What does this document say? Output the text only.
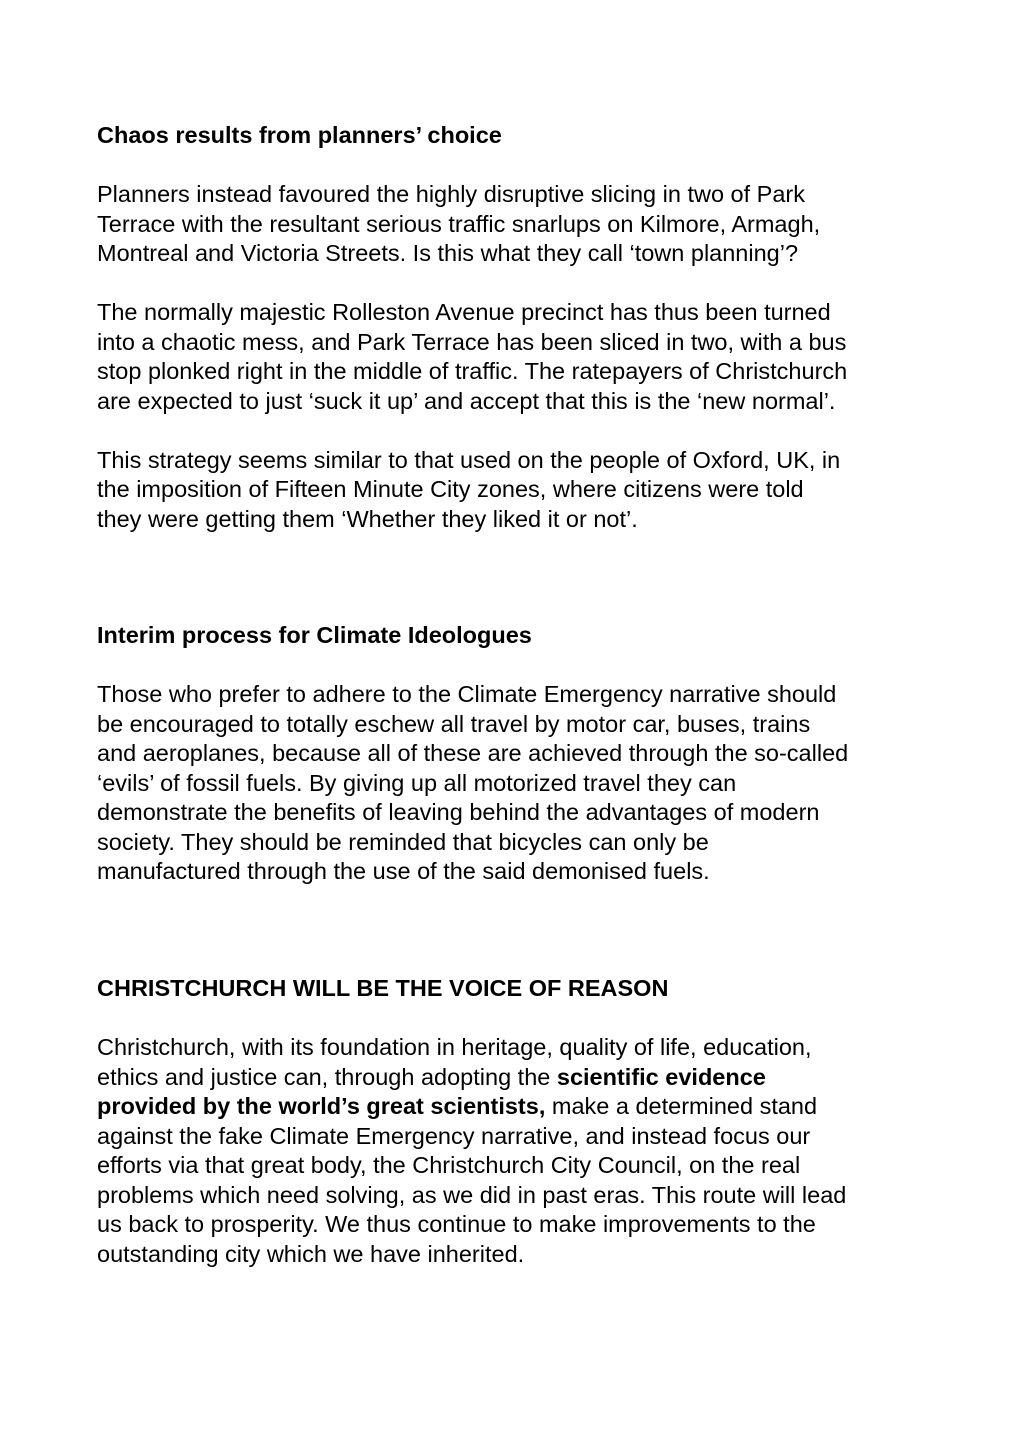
Chaos results from planners’ choice

Planners instead favoured the highly disruptive slicing in two of Park
Terrace with the resultant serious traffic snarlups on Kilmore, Armagh,
Montreal and Victoria Streets. Is this what they call ‘town planning’?

The normally majestic Rolleston Avenue precinct has thus been turned
into a chaotic mess, and Park Terrace has been sliced in two, with a bus
stop plonked right in the middle of traffic. The ratepayers of Christchurch
are expected to just ‘suck it up’ and accept that this is the ‘new normal’.

This strategy seems similar to that used on the people of Oxford, UK, in
the imposition of Fifteen Minute City zones, where citizens were told
they were getting them ‘Whether they liked it or not’.

Interim process for Climate Ideologues

Those who prefer to adhere to the Climate Emergency narrative should
be encouraged to totally eschew all travel by motor car, buses, trains
and aeroplanes, because all of these are achieved through the so-called
‘evils’ of fossil fuels. By giving up all motorized travel they can
demonstrate the benefits of leaving behind the advantages of modern
society. They should be reminded that bicycles can only be
manufactured through the use of the said demonised fuels.

CHRISTCHURCH WILL BE THE VOICE OF REASON

Christchurch, with its foundation in heritage, quality of life, education,
ethics and justice can, through adopting the scientific evidence
provided by the world’s great scientists, make a determined stand
against the fake Climate Emergency narrative, and instead focus our
efforts via that great body, the Christchurch City Council, on the real
problems which need solving, as we did in past eras. This route will lead
us back to prosperity. We thus continue to make improvements to the
outstanding city which we have inherited.
